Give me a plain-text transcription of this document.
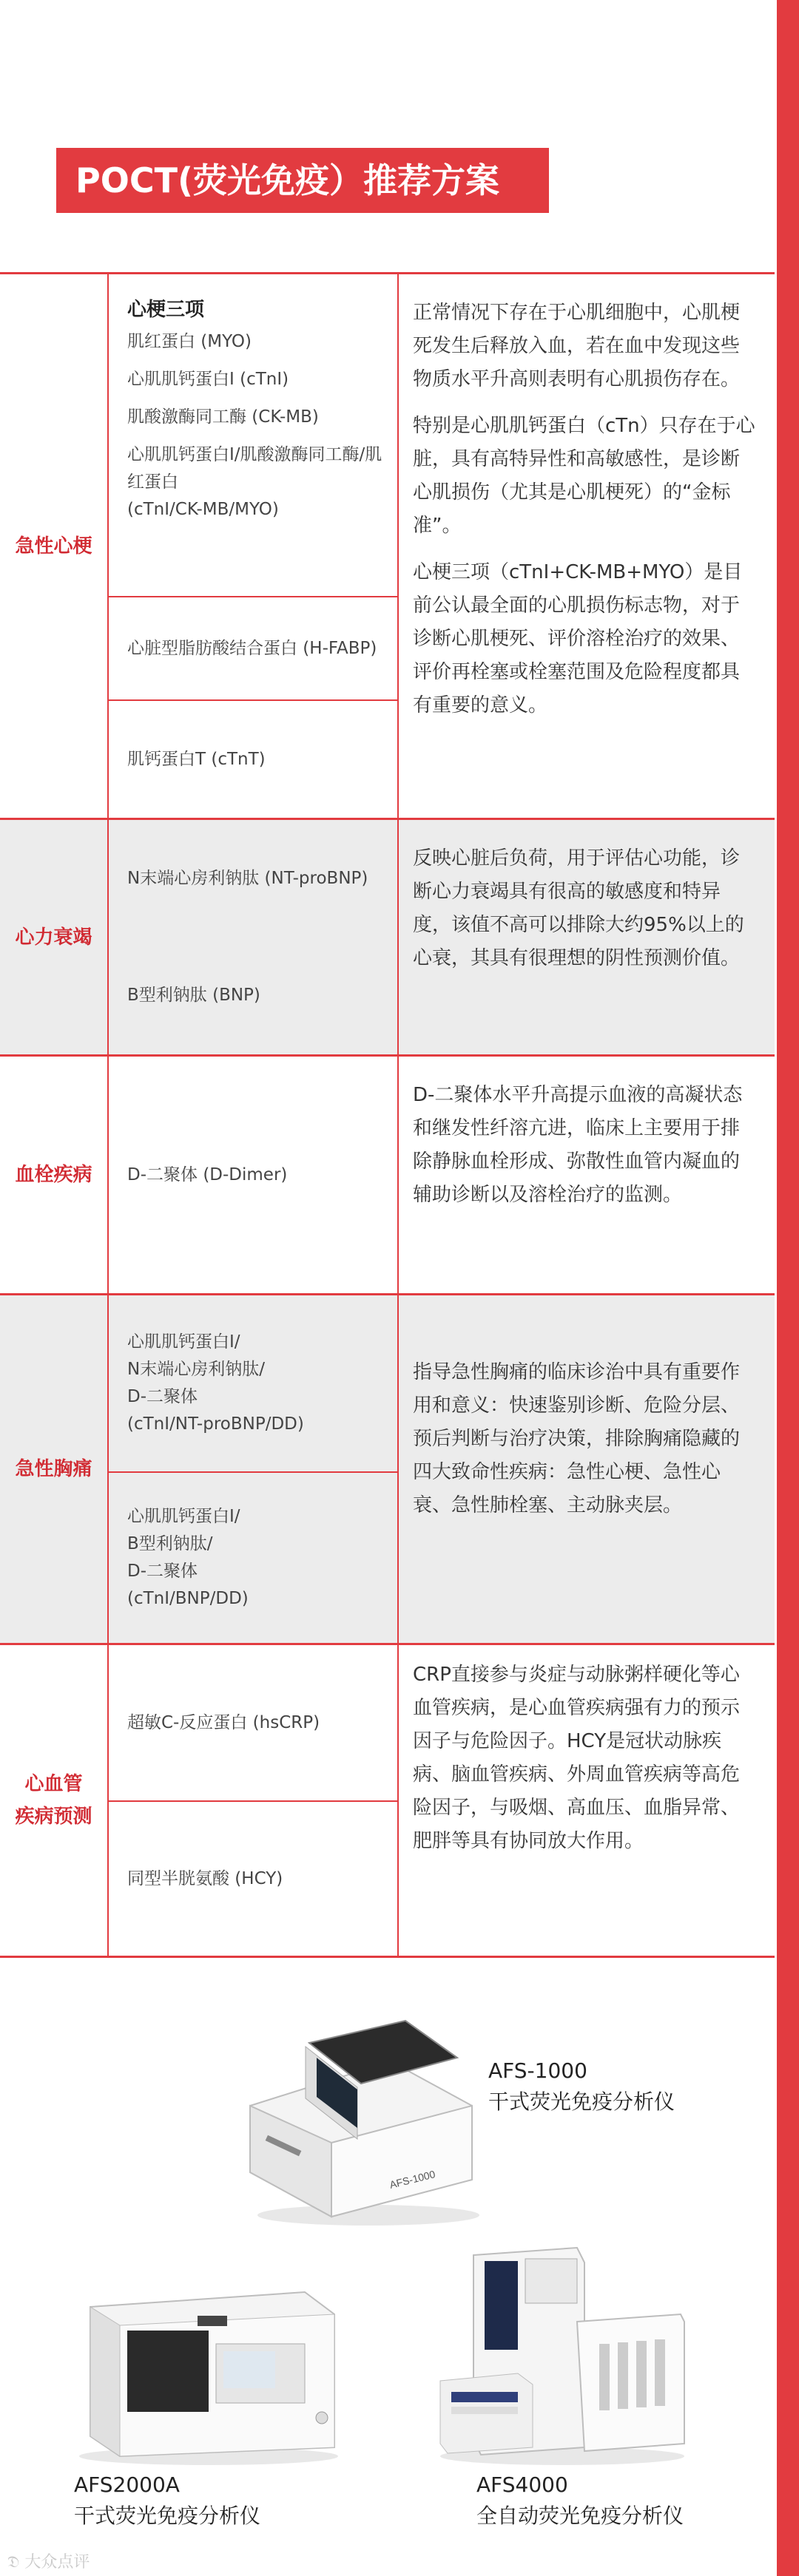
POCT(荧光免疫）推荐方案
急性心梗
心梗三项
肌红蛋白 (MYO)
心肌肌钙蛋白I (cTnI)
肌酸激酶同工酶 (CK-MB)
心肌肌钙蛋白I/肌酸激酶同工酶/肌红蛋白
(cTnI/CK-MB/MYO)
心脏型脂肪酸结合蛋白 (H-FABP)
肌钙蛋白T (cTnT)

正常情况下存在于心肌细胞中，心肌梗死发生后释放入血，若在血中发现这些物质水平升高则表明有心肌损伤存在。

特别是心肌肌钙蛋白（cTn）只存在于心脏，具有高特异性和高敏感性，是诊断心肌损伤（尤其是心肌梗死）的“金标准”。

心梗三项（cTnI+CK-MB+MYO）是目前公认最全面的心肌损伤标志物，对于诊断心肌梗死、评价溶栓治疗的效果、评价再栓塞或栓塞范围及危险程度都具有重要的意义。

心力衰竭
N末端心房利钠肽 (NT-proBNP)
B型利钠肽 (BNP)

反映心脏后负荷，用于评估心功能，诊断心力衰竭具有很高的敏感度和特异度，该值不高可以排除大约95%以上的心衰，其具有很理想的阴性预测价值。

血栓疾病	D-二聚体 (D-Dimer)

D-二聚体水平升高提示血液的高凝状态和继发性纤溶亢进，临床上主要用于排除静脉血栓形成、弥散性血管内凝血的辅助诊断以及溶栓治疗的监测。

急性胸痛
心肌肌钙蛋白I/
N末端心房利钠肽/
D-二聚体
(cTnI/NT-proBNP/DD)
心肌肌钙蛋白I/
B型利钠肽/
D-二聚体
(cTnI/BNP/DD)

指导急性胸痛的临床诊治中具有重要作用和意义：快速鉴别诊断、危险分层、预后判断与治疗决策，排除胸痛隐藏的四大致命性疾病：急性心梗、急性心衰、急性肺栓塞、主动脉夹层。

心血管
疾病预测
超敏C-反应蛋白 (hsCRP)
同型半胱氨酸 (HCY)

CRP直接参与炎症与动脉粥样硬化等心血管疾病，是心血管疾病强有力的预示因子与危险因子。HCY是冠状动脉疾病、脑血管疾病、外周血管疾病等高危险因子，与吸烟、高血压、血脂异常、肥胖等具有协同放大作用。

AFS-1000
AFS-1000
干式荧光免疫分析仪
AFS2000A
干式荧光免疫分析仪
AFS4000
全自动荧光免疫分析仪
𝔇 大众点评
